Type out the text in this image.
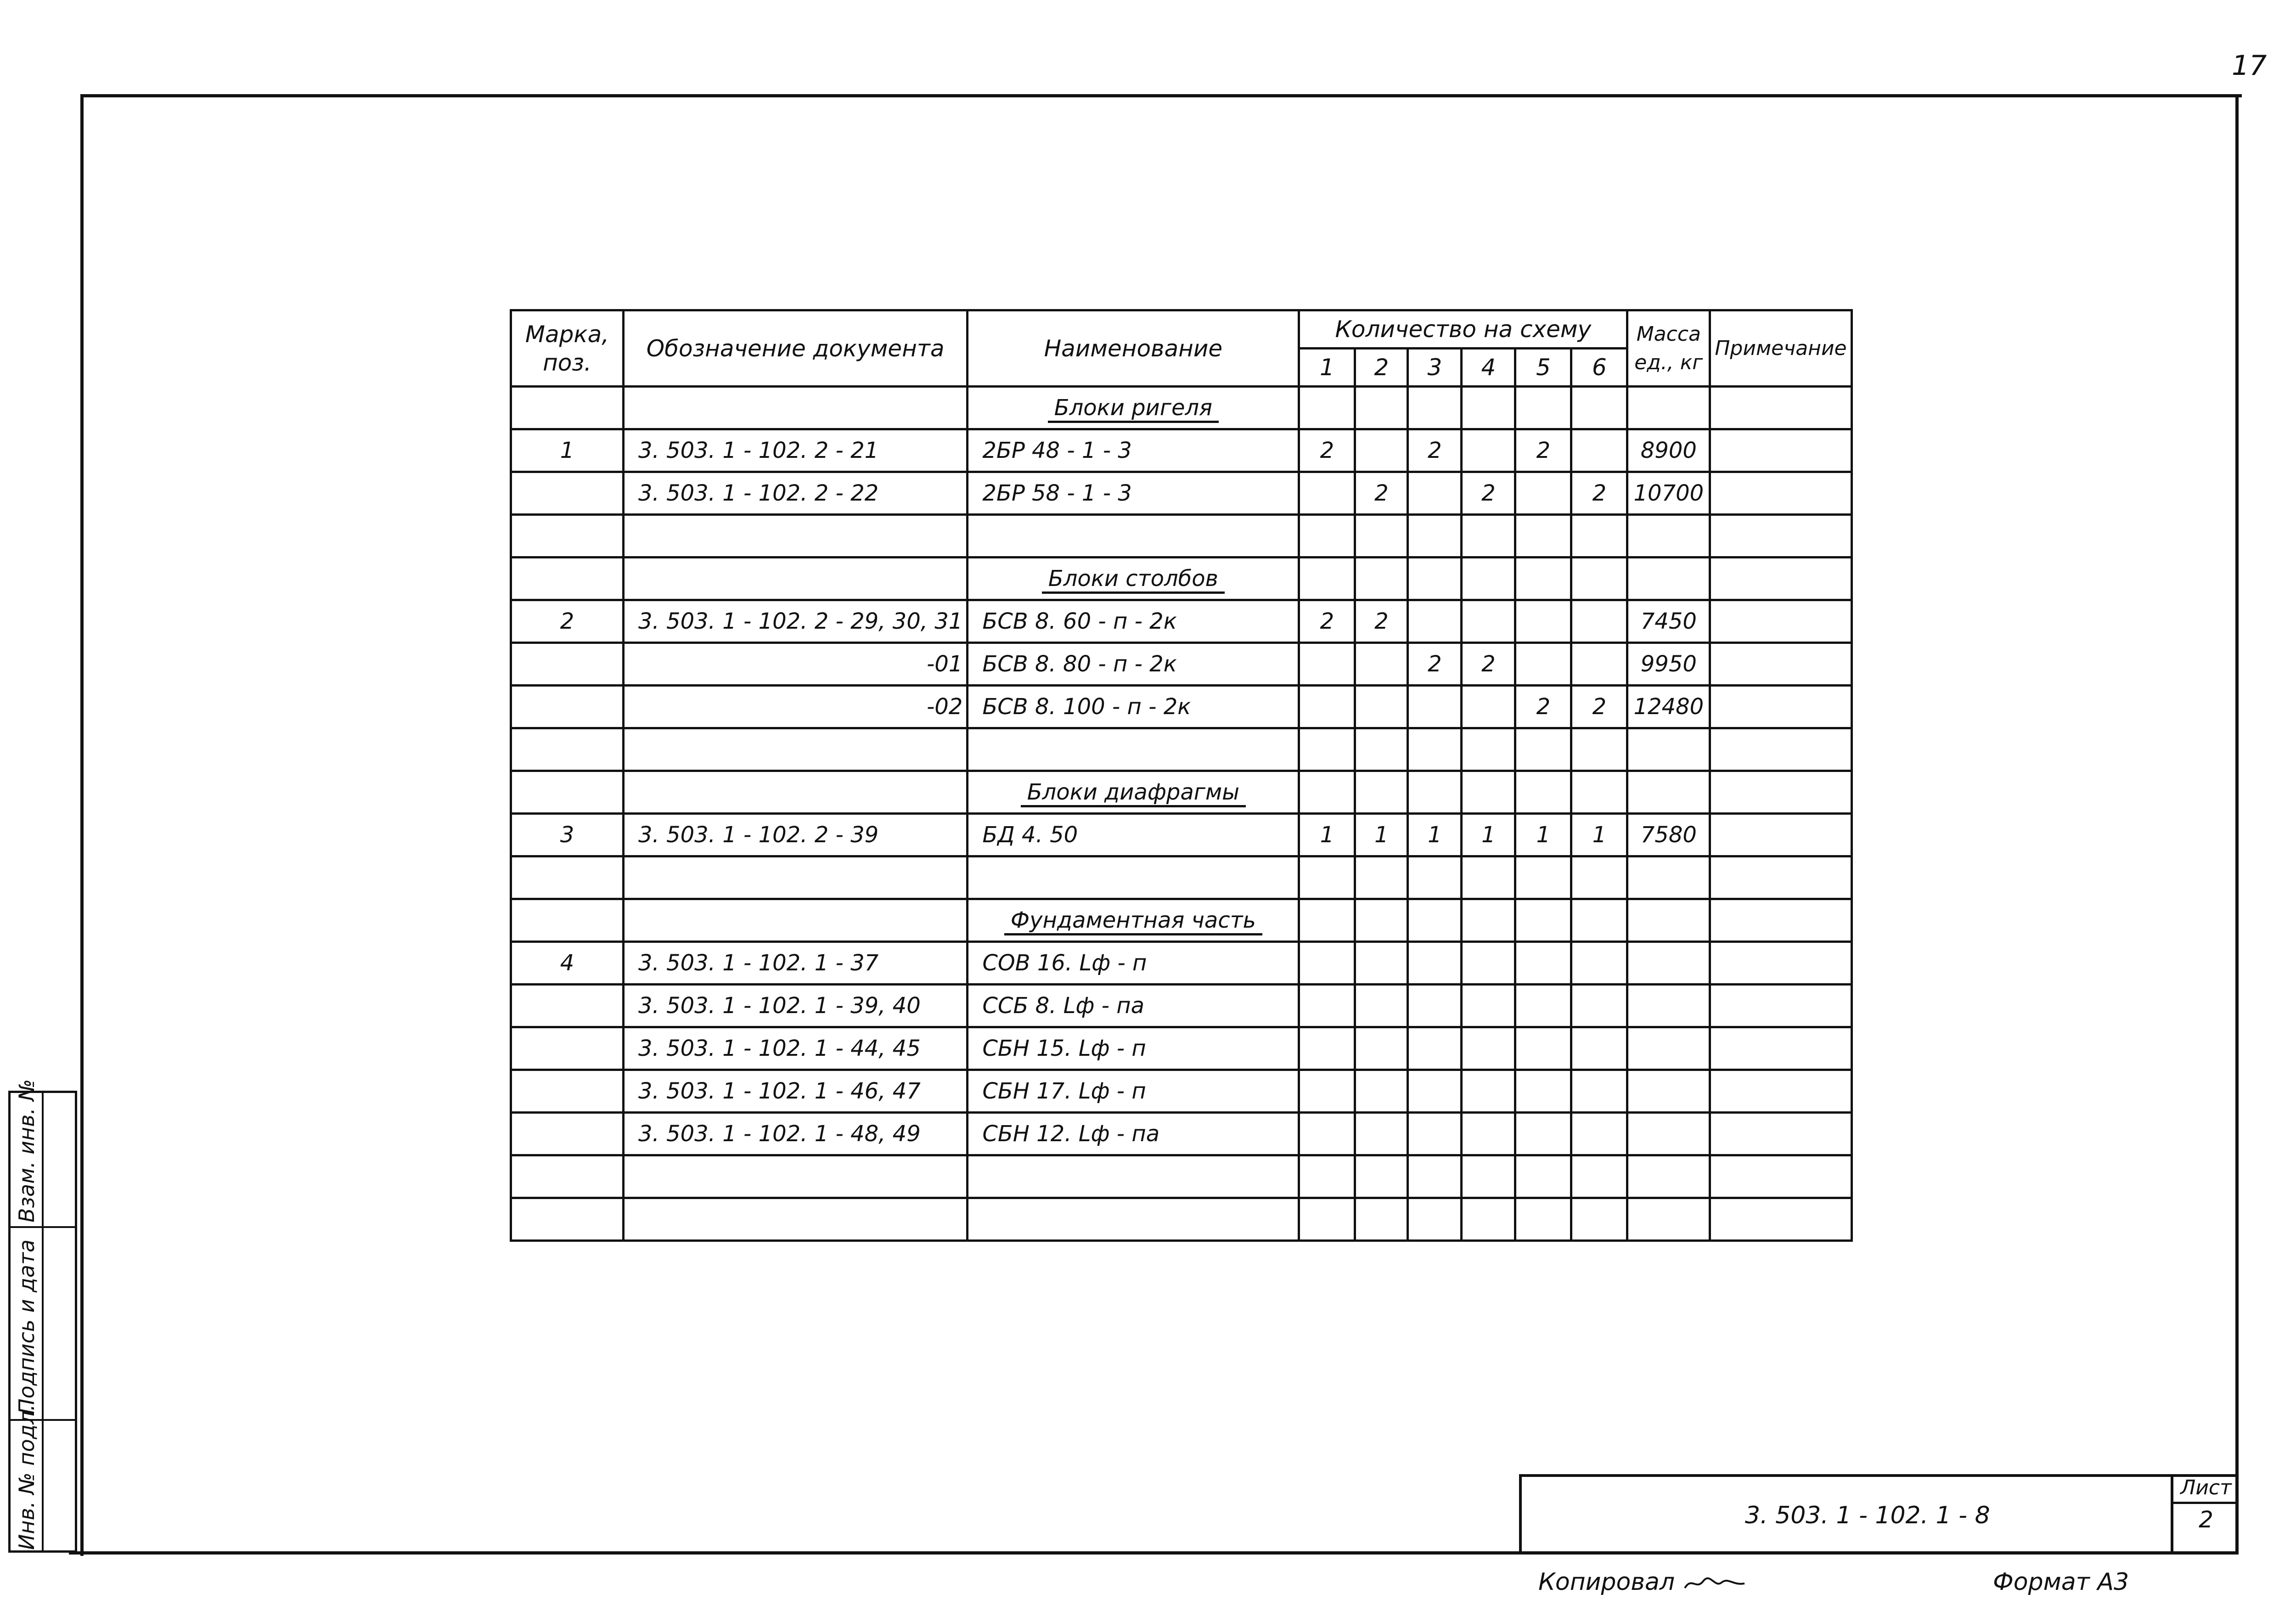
17
Инв. № подл.
Подпись и дата
Взам. инв. №
Марка, поз.	Обозначение документа	Наименование	Количество на схему						Масса ед., кг	Примечание
			1	2	3	4	5	6		
		Блоки ригеля								
1	3. 503. 1 - 102. 2 - 21	2БР 48 - 1 - 3	2		2		2		8900	
	3. 503. 1 - 102. 2 - 22	2БР 58 - 1 - 3		2		2		2	10700	

		Блоки столбов								
2	3. 503. 1 - 102. 2 - 29, 30, 31	БСВ 8. 60 - п - 2к	2	2					7450	
	-01	БСВ 8. 80 - п - 2к			2	2			9950	
	-02	БСВ 8. 100 - п - 2к					2	2	12480	

		Блоки диафрагмы								
3	3. 503. 1 - 102. 2 - 39	БД 4. 50	1	1	1	1	1	1	7580	

		Фундаментная часть								
4	3. 503. 1 - 102. 1 - 37	СОВ 16. Lф - п								
	3. 503. 1 - 102. 1 - 39, 40	ССБ 8. Lф - па								
	3. 503. 1 - 102. 1 - 44, 45	СБН 15. Lф - п								
	3. 503. 1 - 102. 1 - 46, 47	СБН 17. Lф - п								
	3. 503. 1 - 102. 1 - 48, 49	СБН 12. Lф - па								

3. 503. 1 - 102. 1 - 8
Лист
2
Копировал	Формат А3
